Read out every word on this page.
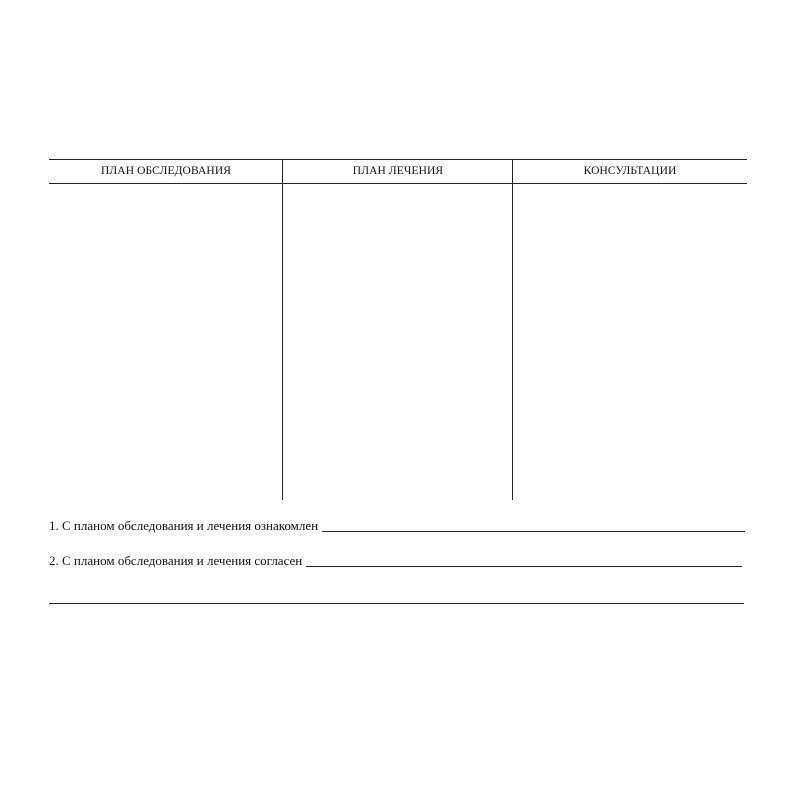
ПЛАН ОБСЛЕДОВАНИЯ	ПЛАН ЛЕЧЕНИЯ	КОНСУЛЬТАЦИИ
1. С планом обследования и лечения ознакомлен
2. С планом обследования и лечения согласен
